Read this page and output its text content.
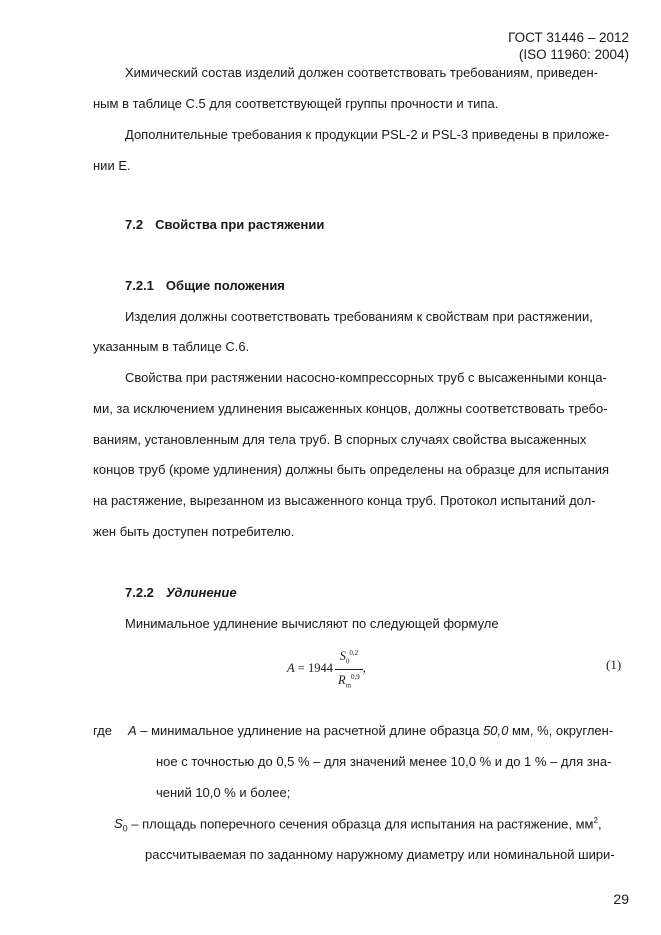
ГОСТ 31446 – 2012
(ISO 11960: 2004)
Химический состав изделий должен соответствовать требованиям, приведен-
ным в таблице С.5 для соответствующей группы прочности и типа.
Дополнительные требования к продукции PSL-2 и PSL-3 приведены в приложе-
нии Е.
7.2 Свойства при растяжении
7.2.1 Общие положения
Изделия должны соответствовать требованиям к свойствам при растяжении,
указанным в таблице С.6.
Свойства при растяжении насосно-компрессорных труб с высаженными конца-
ми, за исключением удлинения высаженных концов, должны соответствовать требо-
ваниям, установленным для тела труб. В спорных случаях свойства высаженных
концов труб (кроме удлинения) должны быть определены на образце для испытания
на растяжение, вырезанном из высаженного конца труб. Протокол испытаний дол-
жен быть доступен потребителю.
7.2.2 Удлинение
Минимальное удлинение вычисляют по следующей формуле
$A = 1944 \frac{S_0^{0,2}}{R_m^{0,9}}$ ,	(1)
где A – минимальное удлинение на расчетной длине образца 50,0 мм, %, округлен-
ное с точностью до 0,5 % – для значений менее 10,0 % и до 1 % – для зна-
чений 10,0 % и более;
$S_0$ – площадь поперечного сечения образца для испытания на растяжение, $мм^2$,
рассчитываемая по заданному наружному диаметру или номинальной шири-
29
